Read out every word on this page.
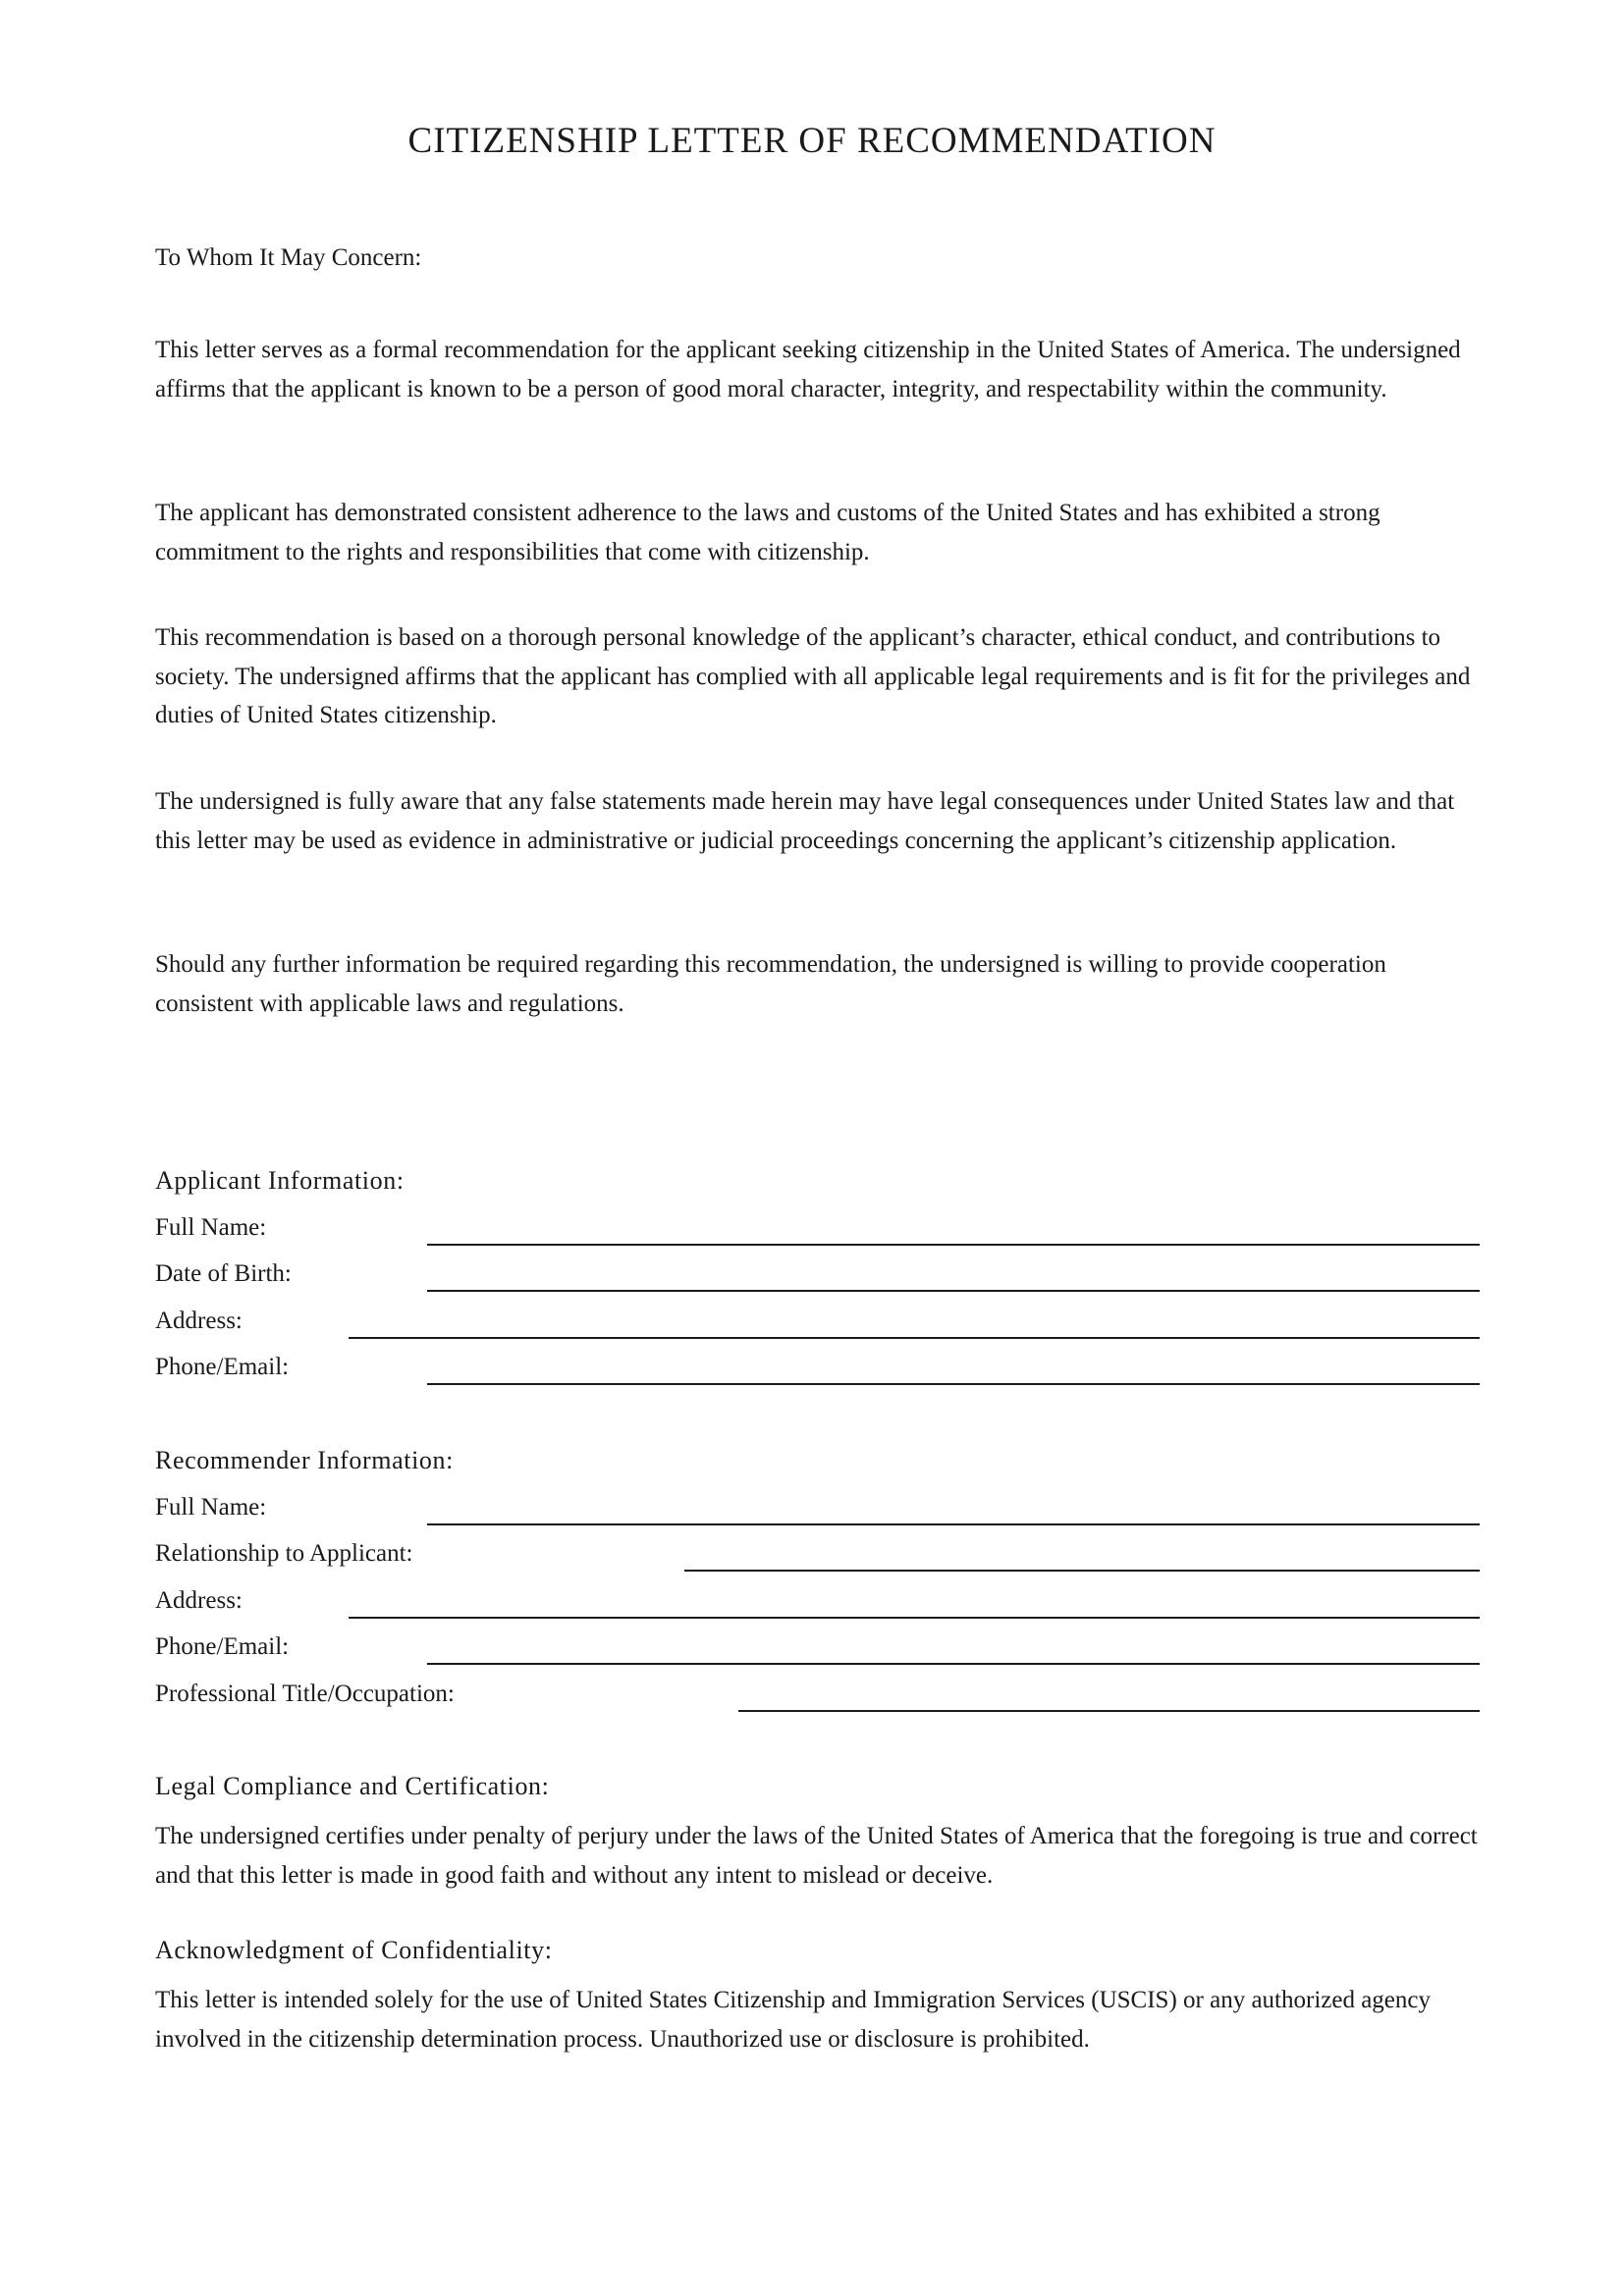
CITIZENSHIP LETTER OF RECOMMENDATION

To Whom It May Concern:

This letter serves as a formal recommendation for the applicant seeking citizenship in the United States of America. The undersigned affirms that the applicant is known to be a person of good moral character, integrity, and respectability within the community.

The applicant has demonstrated consistent adherence to the laws and customs of the United States and has exhibited a strong commitment to the rights and responsibilities that come with citizenship.

This recommendation is based on a thorough personal knowledge of the applicant’s character, ethical conduct, and contributions to society. The undersigned affirms that the applicant has complied with all applicable legal requirements and is fit for the privileges and duties of United States citizenship.

The undersigned is fully aware that any false statements made herein may have legal consequences under United States law and that this letter may be used as evidence in administrative or judicial proceedings concerning the applicant’s citizenship application.

Should any further information be required regarding this recommendation, the undersigned is willing to provide cooperation consistent with applicable laws and regulations.

Applicant Information:
Full Name:
Date of Birth:
Address:
Phone/Email:
Recommender Information:
Full Name:
Relationship to Applicant:
Address:
Phone/Email:
Professional Title/Occupation:
Legal Compliance and Certification:

The undersigned certifies under penalty of perjury under the laws of the United States of America that the foregoing is true and correct and that this letter is made in good faith and without any intent to mislead or deceive.

Acknowledgment of Confidentiality:

This letter is intended solely for the use of United States Citizenship and Immigration Services (USCIS) or any authorized agency involved in the citizenship determination process. Unauthorized use or disclosure is prohibited.
